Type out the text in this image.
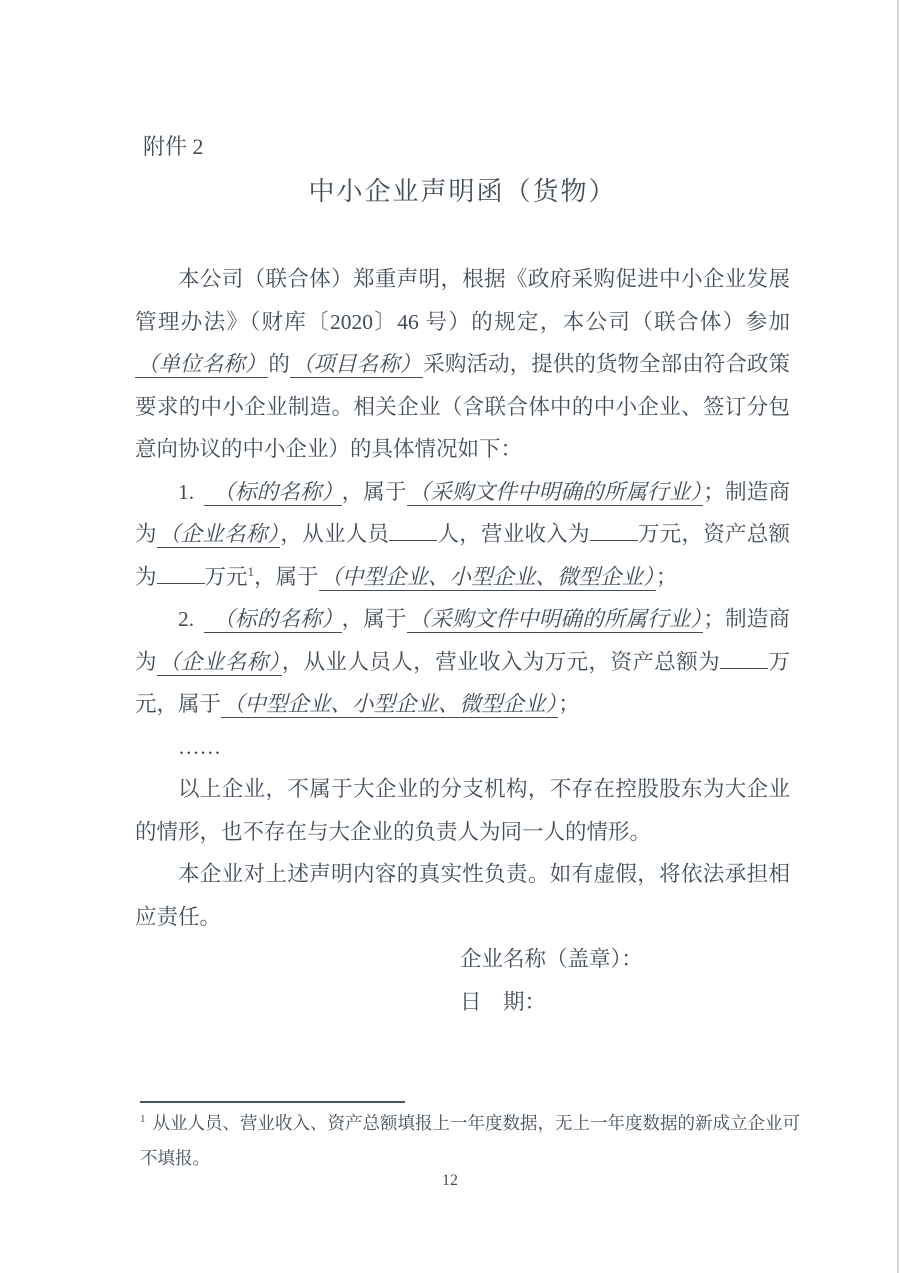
附件 2
中小企业声明函（货物）

本公司（联合体）郑重声明，根据《政府采购促进中小企业发展管理办法》（财库〔2020〕46 号）的规定，本公司（联合体）参加（单位名称）的（项目名称）采购活动，提供的货物全部由符合政策要求的中小企业制造。相关企业（含联合体中的中小企业、签订分包意向协议的中小企业）的具体情况如下：

1. （标的名称） ，属于（采购文件中明确的所属行业）；制造商为（企业名称），从业人员 人，营业收入为 万元，资产总额为 万元$^1$，属于（中型企业、小型企业、微型企业）；

2. （标的名称） ，属于（采购文件中明确的所属行业）；制造商为（企业名称），从业人员人，营业收入为万元，资产总额为 万元，属于（中型企业、小型企业、微型企业）；

……

以上企业，不属于大企业的分支机构，不存在控股股东为大企业的情形，也不存在与大企业的负责人为同一人的情形。

本企业对上述声明内容的真实性负责。如有虚假，将依法承担相应责任。

企业名称（盖章）：

日　期：

$^1$ 从业人员、营业收入、资产总额填报上一年度数据，无上一年度数据的新成立企业可不填报。
12
